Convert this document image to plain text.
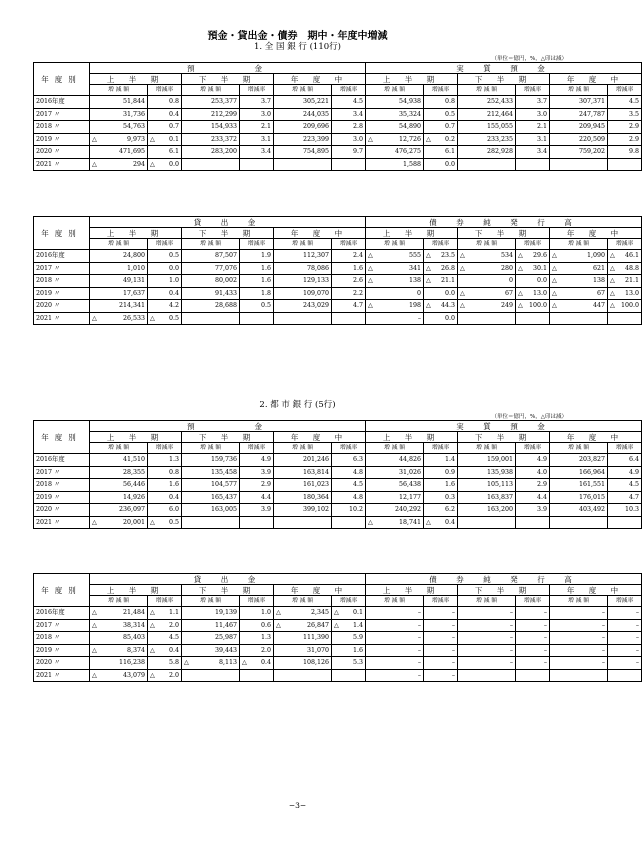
預金・貸出金・債券　期中・年度中増減
1. 全 国 銀 行 (110行)
（単位＝億円，%，△印は減）
年度別	預　　　　金						実　質　預　金					
	上 半 期		下 半 期		年 度 中		上 半 期		下 半 期		年 度 中	
	増 減 額	増減率	増 減 額	増減率	増 減 額	増減率	増 減 額	増減率	増 減 額	増減率	増 減 額	増減率
2016年度	51,844	0.8	253,377	3.7	305,221	4.5	54,938	0.8	252,433	3.7	307,371	4.5
2017 〃	31,736	0.4	212,299	3.0	244,035	3.4	35,324	0.5	212,464	3.0	247,787	3.5
2018 〃	54,763	0.7	154,933	2.1	209,696	2.8	54,890	0.7	155,055	2.1	209,945	2.9
2019 〃	△ 9,973	△ 0.1	233,372	3.1	223,399	3.0	△ 12,726	△ 0.2	233,235	3.1	220,509	2.9
2020 〃	471,695	6.1	283,200	3.4	754,895	9.7	476,275	6.1	282,928	3.4	759,202	9.8
2021 〃	△ 294	△ 0.0					1,588	0.0				
年度別	貸　出　金						債　券　純　発　行　高					
	上 半 期		下 半 期		年 度 中		上 半 期		下 半 期		年 度 中	
	増 減 額	増減率	増 減 額	増減率	増 減 額	増減率	増 減 額	増減率	増 減 額	増減率	増 減 額	増減率
2016年度	24,800	0.5	87,507	1.9	112,307	2.4	△ 555	△ 23.5	△ 534	△ 29.6	△ 1,090	△ 46.1
2017 〃	1,010	0.0	77,076	1.6	78,086	1.6	△ 341	△ 26.8	△ 280	△ 30.1	△ 621	△ 48.8
2018 〃	49,131	1.0	80,002	1.6	129,133	2.6	△ 138	△ 21.1	0	0.0	△ 138	△ 21.1
2019 〃	17,637	0.4	91,433	1.8	109,070	2.2	0	0.0	△ 67	△ 13.0	△ 67	△ 13.0
2020 〃	214,341	4.2	28,688	0.5	243,029	4.7	△ 198	△ 44.3	△ 249	△ 100.0	△ 447	△ 100.0
2021 〃	△ 26,533	△ 0.5					–	0.0				
2. 都 市 銀 行 (5行)
（単位＝億円，%，△印は減）
年度別	預　　　　金						実　質　預　金					
	上 半 期		下 半 期		年 度 中		上 半 期		下 半 期		年 度 中	
	増 減 額	増減率	増 減 額	増減率	増 減 額	増減率	増 減 額	増減率	増 減 額	増減率	増 減 額	増減率
2016年度	41,510	1.3	159,736	4.9	201,246	6.3	44,826	1.4	159,001	4.9	203,827	6.4
2017 〃	28,355	0.8	135,458	3.9	163,814	4.8	31,026	0.9	135,938	4.0	166,964	4.9
2018 〃	56,446	1.6	104,577	2.9	161,023	4.5	56,438	1.6	105,113	2.9	161,551	4.5
2019 〃	14,926	0.4	165,437	4.4	180,364	4.8	12,177	0.3	163,837	4.4	176,015	4.7
2020 〃	236,097	6.0	163,005	3.9	399,102	10.2	240,292	6.2	163,200	3.9	403,492	10.3
2021 〃	△ 20,001	△ 0.5					△ 18,741	△ 0.4				
年度別	貸　出　金						債　券　純　発　行　高					
	上 半 期		下 半 期		年 度 中		上 半 期		下 半 期		年 度 中	
	増 減 額	増減率	増 減 額	増減率	増 減 額	増減率	増 減 額	増減率	増 減 額	増減率	増 減 額	増減率
2016年度	△ 21,484	△ 1.1	19,139	1.0	△ 2,345	△ 0.1	–	–	–	–	–	–
2017 〃	△ 38,314	△ 2.0	11,467	0.6	△ 26,847	△ 1.4	–	–	–	–	–	–
2018 〃	85,403	4.5	25,987	1.3	111,390	5.9	–	–	–	–	–	–
2019 〃	△ 8,374	△ 0.4	39,443	2.0	31,070	1.6	–	–	–	–	–	–
2020 〃	116,238	5.8	△ 8,113	△ 0.4	108,126	5.3	–	–	–	–	–	–
2021 〃	△ 43,079	△ 2.0					–	–				
−3−
